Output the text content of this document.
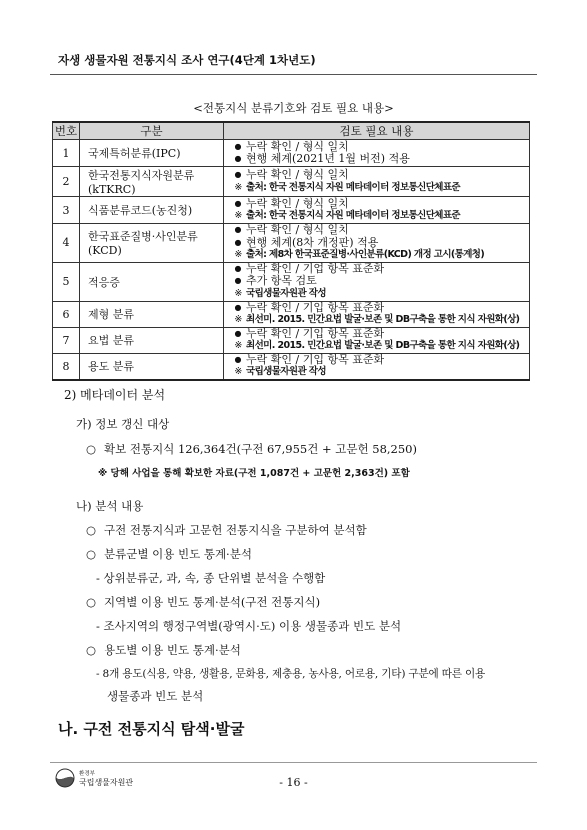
자생 생물자원 전통지식 조사 연구(4단계 1차년도)
<전통지식 분류기호와 검토 필요 내용>
번호	구분	검토 필요 내용
1	국제특허분류(IPC)	● 누락 확인 / 형식 일치
● 현행 체계(2021년 1월 버전) 적용

2	한국전통지식자원분류(kTKRC)	● 누락 확인 / 형식 일치
※ 출처: 한국 전통지식 자원 메타데이터 정보통신단체표준

3	식품분류코드(농진청)	● 누락 확인 / 형식 일치
※ 출처: 한국 전통지식 자원 메타데이터 정보통신단체표준

4	한국표준질병·사인분류(KCD)	● 누락 확인 / 형식 일치
● 현행 체계(8차 개정판) 적용
※ 출처: 제8차 한국표준질병·사인분류(KCD) 개정 고시(통계청)

5	적응증	● 누락 확인 / 기업 항목 표준화
● 추가 항목 검토
※ 국립생물자원관 작성

6	제형 분류	● 누락 확인 / 기입 항목 표준화
※ 최선미. 2015. 민간요법 발굴·보존 및 DB구축을 통한 지식 자원화(상)

7	요법 분류	● 누락 확인 / 기입 항목 표준화
※ 최선미. 2015. 민간요법 발굴·보존 및 DB구축을 통한 지식 자원화(상)

8	용도 분류	● 누락 확인 / 기입 항목 표준화
※ 국립생물자원관 작성
2) 메타데이터 분석
가) 정보 갱신 대상
○ 확보 전통지식 126,364건(구전 67,955건 + 고문헌 58,250)
※ 당해 사업을 통해 확보한 자료(구전 1,087건 + 고문헌 2,363건) 포함
나) 분석 내용
○ 구전 전통지식과 고문헌 전통지식을 구분하여 분석함
○ 분류군별 이용 빈도 통계·분석
- 상위분류군, 과, 속, 종 단위별 분석을 수행함
○ 지역별 이용 빈도 통계·분석(구전 전통지식)
- 조사지역의 행정구역별(광역시·도) 이용 생물종과 빈도 분석
○ 용도별 이용 빈도 통계·분석
- 8개 용도(식용, 약용, 생활용, 문화용, 제충용, 농사용, 어로용, 기타) 구분에 따른 이용
생물종과 빈도 분석
나. 구전 전통지식 탐색·발굴
환경부
국립생물자원관	- 16 -
